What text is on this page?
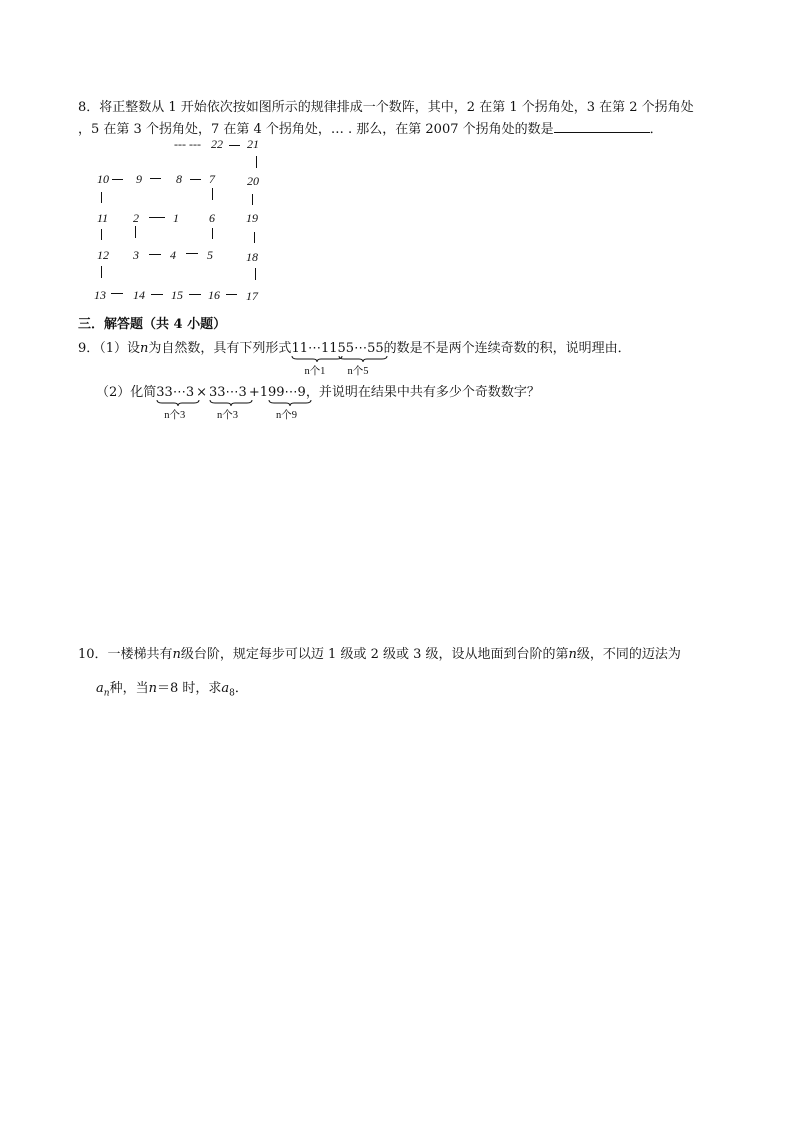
8．将正整数从 1 开始依次按如图所示的规律排成一个数阵，其中，2 在第 1 个拐角处，3 在第 2 个拐角处
，5 在第 3 个拐角处，7 在第 4 个拐角处，… . 那么，在第 2007 个拐角处的数是	．
--- --- 22 21
10 9	8 7	20
11 2	1	6	19
12 3	4	5	18
13 14 15 16 17
三．解答题（共 4 小题）
9．（1）设n为自然数，具有下列形式11⋯11
n个1
55⋯55
n个5
的数是不是两个连续奇数的积，说明理由．
（2）化简33⋯3
n个3
× 33⋯3
n个3
+199⋯9
n个9
，并说明在结果中共有多少个奇数数字？
10．一楼梯共有n级台阶，规定每步可以迈 1 级或 2 级或 3 级，设从地面到台阶的第n级，不同的迈法为
$a_n$种，当n＝8 时，求$a_8$．
